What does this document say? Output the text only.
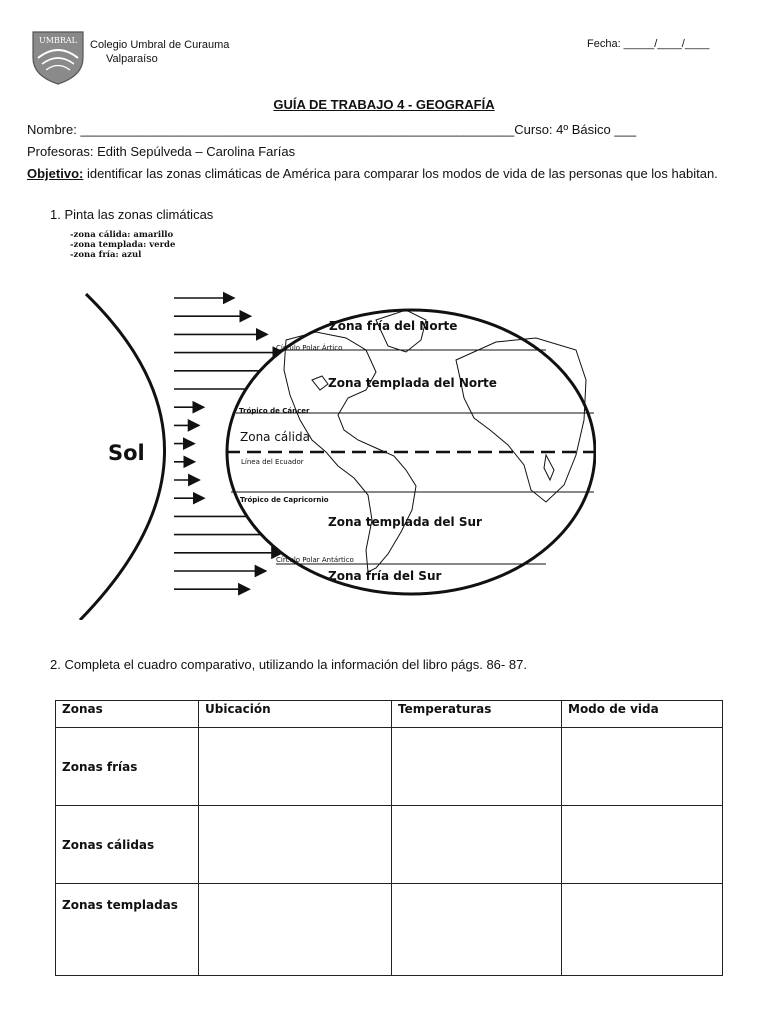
UMBRAL Colegio Umbral de Curauma
Valparaíso
Fecha: _____/____/____
GUÍA DE TRABAJO 4 - GEOGRAFÍA
Nombre: ____________________________________________________________Curso: 4º Básico ___
Profesoras: Edith Sepúlveda – Carolina Farías
Objetivo: identificar las zonas climáticas de América para comparar los modos de vida de las personas que los habitan.
1. Pinta las zonas climáticas
-zona cálida: amarillo
-zona templada: verde
-zona fría: azul
Sol
Zona fría del Norte
Círculo Polar Ártico
Zona templada del Norte
Trópico de Cáncer
Zona cálida
Línea del Ecuador
Trópico de Capricornio
Zona templada del Sur
Círculo Polar Antártico
Zona fría del Sur
2. Completa el cuadro comparativo, utilizando la información del libro págs. 86- 87.
Zonas	Ubicación	Temperaturas	Modo de vida
Zonas frías			
Zonas cálidas			
Zonas templadas			
